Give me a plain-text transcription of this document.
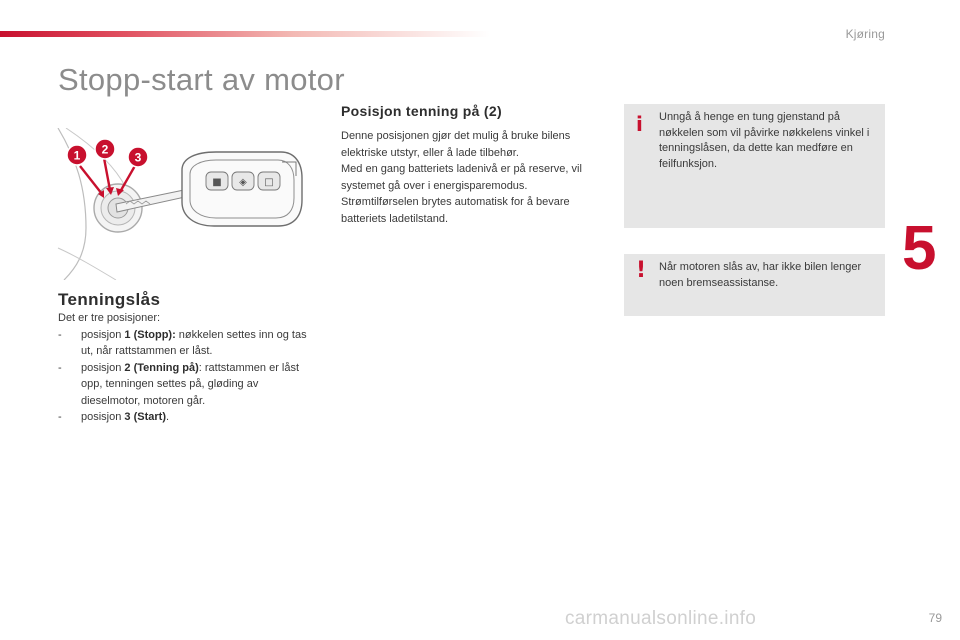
Kjøring
Stopp-start av motor
5
■ ◈ □
1 2
3
Tenningslås
Det er tre posisjoner:
- posisjon 1 (Stopp): nøkkelen settes inn og tas ut, når rattstammen er låst.
- posisjon 2 (Tenning på): rattstammen er låst opp, tenningen settes på, gløding av dieselmotor, motoren går.
- posisjon 3 (Start).
Posisjon tenning på (2)
Denne posisjonen gjør det mulig å bruke bilens elektriske utstyr, eller å lade tilbehør.
Med en gang batteriets ladenivå er på reserve, vil systemet gå over i energisparemodus.
Strømtilførselen brytes automatisk for å bevare batteriets ladetilstand.
i Unngå å henge en tung gjenstand på nøkkelen som vil påvirke nøkkelens vinkel i tenningslåsen, da dette kan medføre en feilfunksjon.
! Når motoren slås av, har ikke bilen lenger noen bremseassistanse.
carmanualsonline.info	79
